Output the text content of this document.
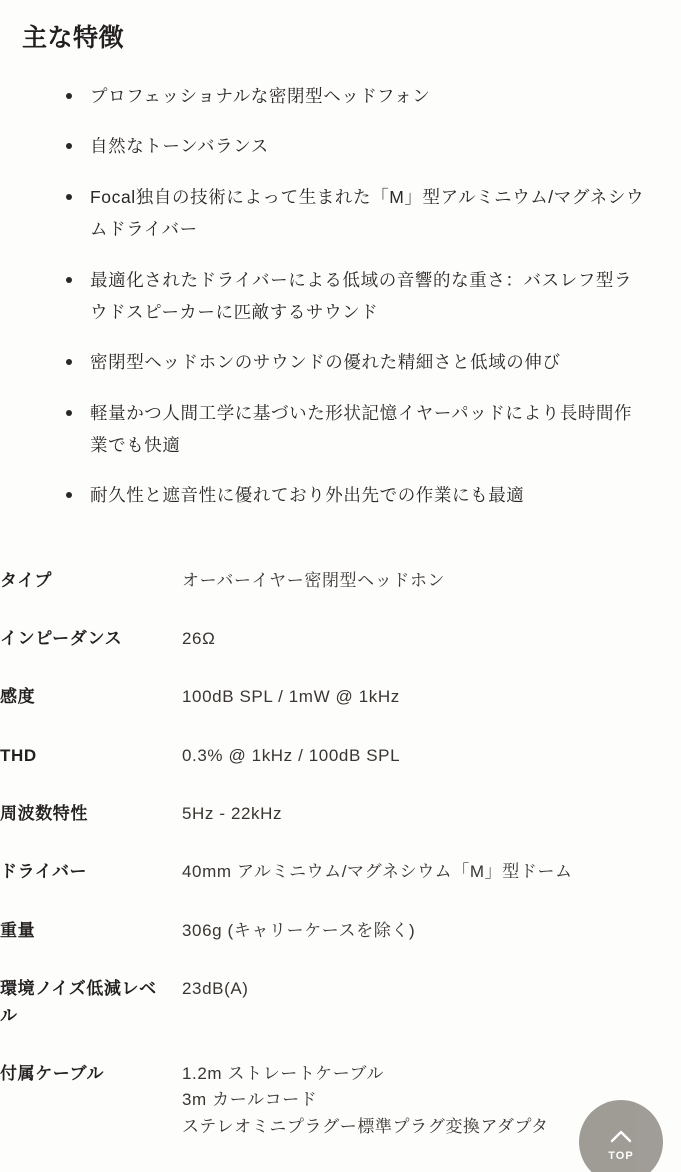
主な特徴
プロフェッショナルな密閉型ヘッドフォン
自然なトーンバランス
Focal独自の技術によって生まれた「M」型アルミニウム/マグネシウムドライバー
最適化されたドライバーによる低域の音響的な重さ：バスレフ型ラウドスピーカーに匹敵するサウンド
密閉型ヘッドホンのサウンドの優れた精細さと低域の伸び
軽量かつ人間工学に基づいた形状記憶イヤーパッドにより長時間作業でも快適
耐久性と遮音性に優れており外出先での作業にも最適
タイプ	オーバーイヤー密閉型ヘッドホン

インピーダンス	26Ω

感度	100dB SPL / 1mW @ 1kHz

THD	0.3% @ 1kHz / 100dB SPL

周波数特性	5Hz - 22kHz

ドライバー	40mm アルミニウム/マグネシウム「M」型ドーム

重量	306g (キャリーケースを除く)

環境ノイズ低減レベル	23dB(A)

付属ケーブル	1.2m ストレートケーブル
3m カールコード
ステレオミニプラグー標準プラグ変換アダプタ
TOP
